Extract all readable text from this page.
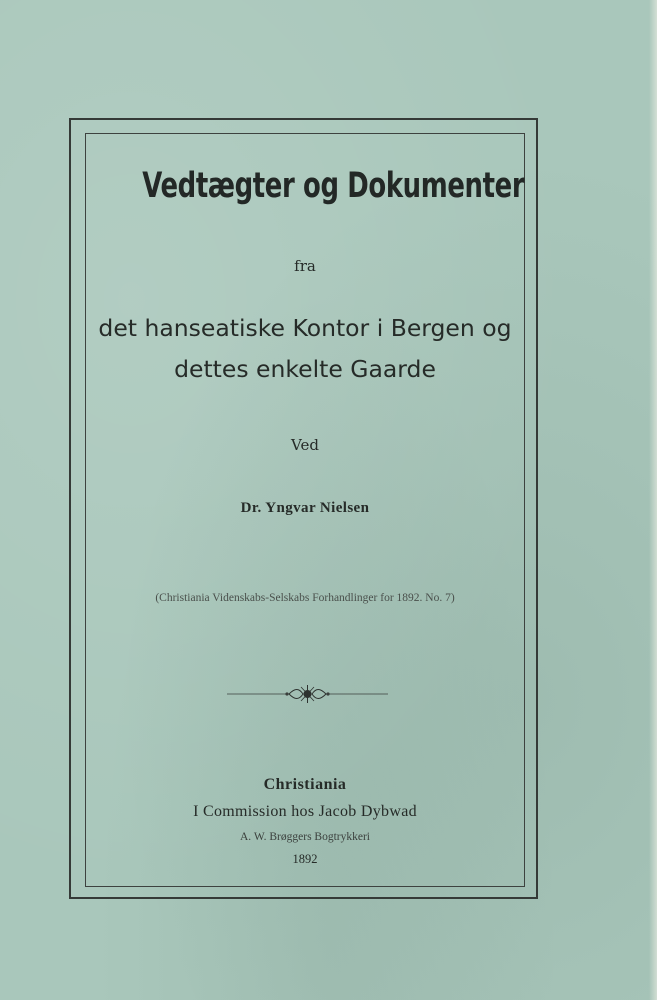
Vedtægter og Dokumenter
fra
det hanseatiske Kontor i Bergen og
dettes enkelte Gaarde
Ved
Dr. Yngvar Nielsen
(Christiania Videnskabs-Selskabs Forhandlinger for 1892. No. 7)
Christiania
I Commission hos Jacob Dybwad
A. W. Brøggers Bogtrykkeri
1892
